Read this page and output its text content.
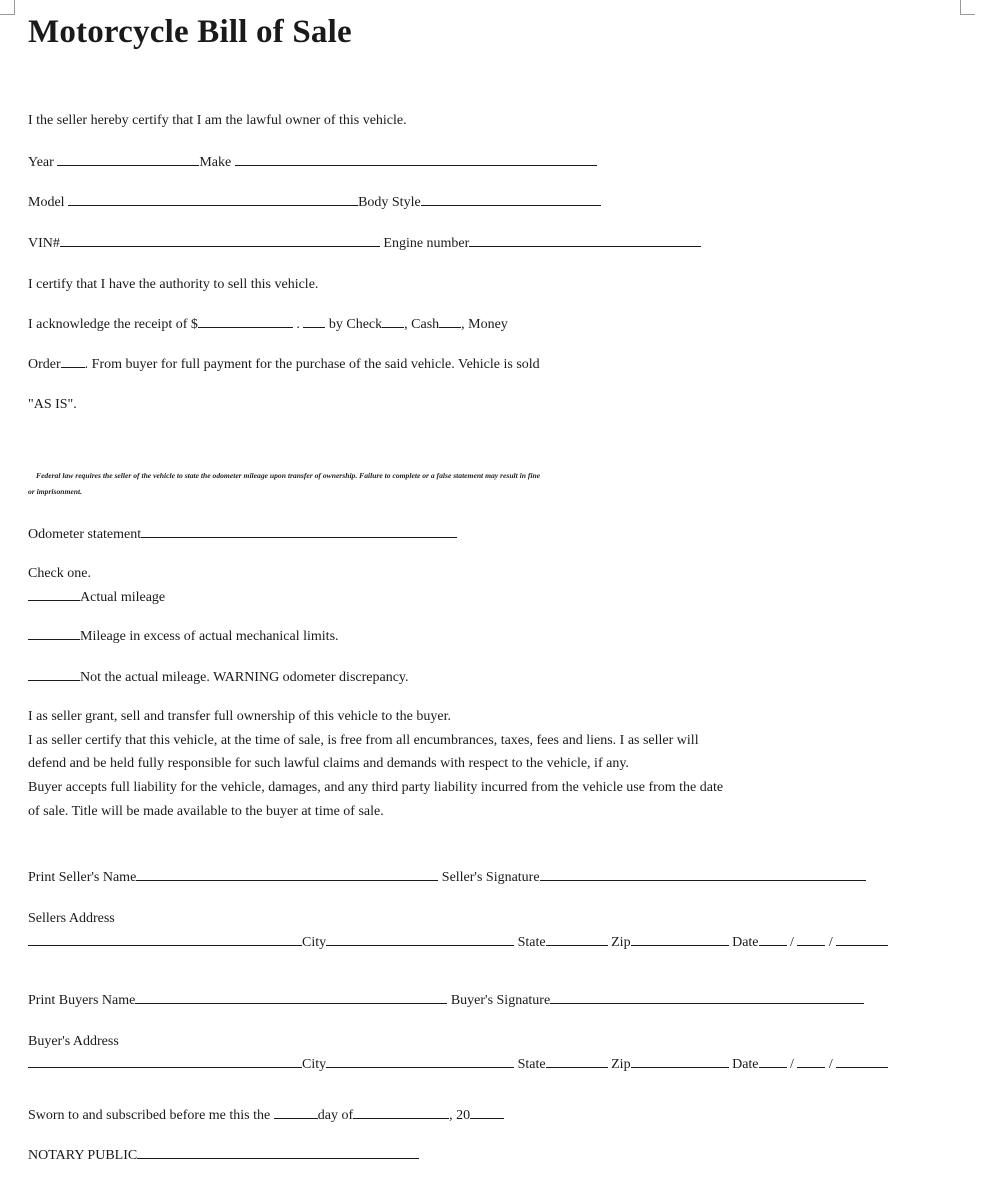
Motorcycle Bill of Sale
I the seller hereby certify that I am the lawful owner of this vehicle.
Year	Make
Model	Body Style
VIN#	Engine number
I certify that I have the authority to sell this vehicle.
I acknowledge the receipt of $	. by Check , Cash , Money
Order . From buyer for full payment for the purchase of the said vehicle. Vehicle is sold
"AS IS".
Federal law requires the seller of the vehicle to state the odometer mileage upon transfer of ownership. Failure to complete or a false statement may result in fine
or imprisonment.
Odometer statement
Check one.
Actual mileage
Mileage in excess of actual mechanical limits.
Not the actual mileage. WARNING odometer discrepancy.
I as seller grant, sell and transfer full ownership of this vehicle to the buyer.
I as seller certify that this vehicle, at the time of sale, is free from all encumbrances, taxes, fees and liens. I as seller will
defend and be held fully responsible for such lawful claims and demands with respect to the vehicle, if any.
Buyer accepts full liability for the vehicle, damages, and any third party liability incurred from the vehicle use from the date
of sale. Title will be made available to the buyer at time of sale.
Print Seller's Name	Seller's Signature
Sellers Address
City	State	Zip	Date /	/
Print Buyers Name	Buyer's Signature
Buyer's Address
City	State	Zip	Date /	/
Sworn to and subscribed before me this the	day of	, 20
NOTARY PUBLIC
